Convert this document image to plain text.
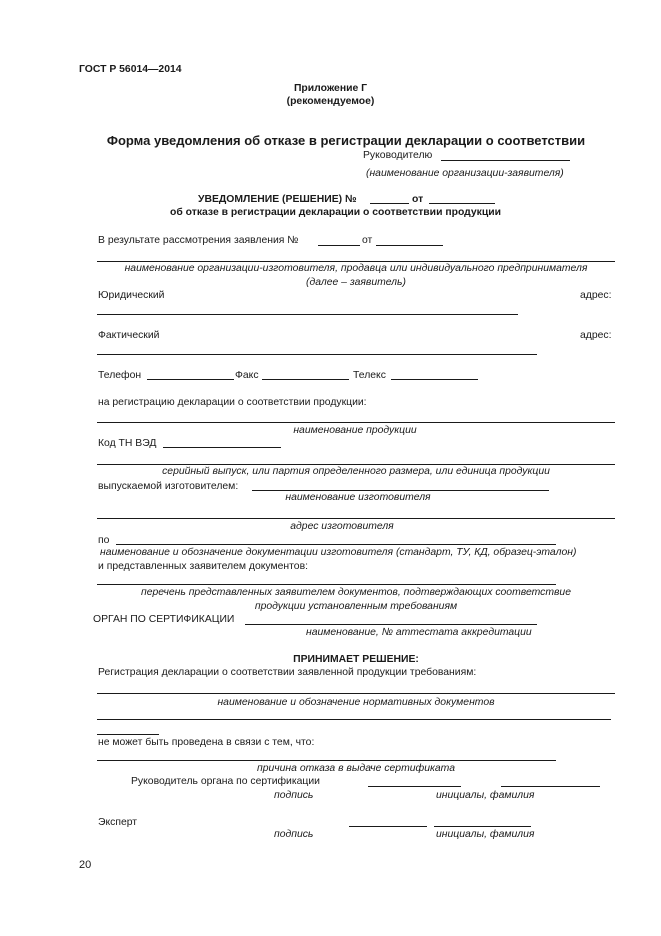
ГОСТ Р 56014—2014
Приложение Г
(рекомендуемое)
Форма уведомления об отказе в регистрации декларации о соответствии
Руководителю
(наименование организации-заявителя)
УВЕДОМЛЕНИЕ (РЕШЕНИЕ) №	от
об отказе в регистрации декларации о соответствии продукции
В результате рассмотрения заявления №	от
наименование организации-изготовителя, продавца или индивидуального предпринимателя
(далее – заявитель)
Юридический	адрес:
Фактический	адрес:
Телефон	Факс	Телекс
на регистрацию декларации о соответствии продукции:
наименование продукции
Код ТН ВЭД
серийный выпуск, или партия определенного размера, или единица продукции
выпускаемой изготовителем:
наименование изготовителя
адрес изготовителя
по
наименование и обозначение документации изготовителя (стандарт, ТУ, КД, образец-эталон)
и представленных заявителем документов:
перечень представленных заявителем документов, подтверждающих соответствие
продукции установленным требованиям
ОРГАН ПО СЕРТИФИКАЦИИ
наименование, № аттестата аккредитации
ПРИНИМАЕТ РЕШЕНИЕ:
Регистрация декларации о соответствии заявленной продукции требованиям:
наименование и обозначение нормативных документов
не может быть проведена в связи с тем, что:
причина отказа в выдаче сертификата
Руководитель органа по сертификации
подпись	инициалы, фамилия
Эксперт
подпись	инициалы, фамилия
20
